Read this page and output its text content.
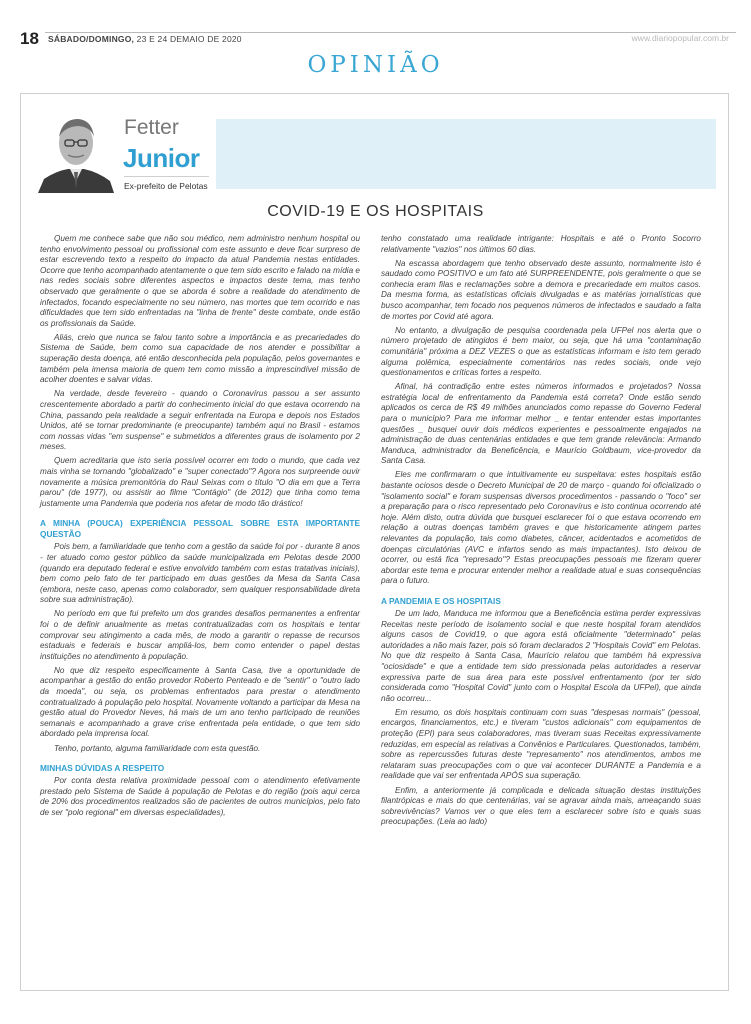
18	SÁBADO/DOMINGO, 23 E 24 DEMAIO DE 2020	www.diariopopular.com.br
OPINIÃO
Fetter
Junior
Ex-prefeito de Pelotas
COVID-19 E OS HOSPITAIS

Quem me conhece sabe que não sou médico, nem administro nenhum hospital ou tenho envolvimento pessoal ou profissional com este assunto e deve ficar surpreso de estar escrevendo texto a respeito do impacto da atual Pandemia nestas entidades. Ocorre que tenho acompanhado atentamente o que tem sido escrito e falado na mídia e nas redes sociais sobre diferentes aspectos e impactos deste tema, mas tenho observado que geralmente o que se aborda é sobre a realidade do atendimento de infectados, focando especialmente no seu número, nas mortes que tem ocorrido e nas dificuldades que tem sido enfrentadas na "linha de frente" deste combate, onde estão os profissionais da Saúde.

Aliás, creio que nunca se falou tanto sobre a importância e as precariedades do Sistema de Saúde, bem como sua capacidade de nos atender e possibilitar a superação desta doença, até então desconhecida pela população, pelos governantes e também pela imensa maioria de quem tem como missão a imprescindível missão de acolher doentes e salvar vidas.

Na verdade, desde fevereiro - quando o Coronavírus passou a ser assunto crescentemente abordado a partir do conhecimento inicial do que estava ocorrendo na China, passando pela realidade a seguir enfrentada na Europa e depois nos Estados Unidos, até se tornar predominante (e preocupante) também aqui no Brasil - estamos com nossas vidas "em suspense" e submetidos a diferentes graus de isolamento por 2 meses.

Quem acreditaria que isto seria possível ocorrer em todo o mundo, que cada vez mais vinha se tornando "globalizado" e "super conectado"? Agora nos surpreende ouvir novamente a música premonitória do Raul Seixas com o título "O dia em que a Terra parou" (de 1977), ou assistir ao filme "Contágio" (de 2012) que tinha como tema justamente uma Pandemia que poderia nos afetar de modo tão drástico!

A MINHA (POUCA) EXPERIÊNCIA PESSOAL SOBRE ESTA IMPORTANTE QUESTÃO

Pois bem, a familiaridade que tenho com a gestão da saúde foi por - durante 8 anos - ter atuado como gestor público da saúde municipalizada em Pelotas desde 2000 (quando era deputado federal e estive envolvido também com estas tratativas iniciais), bem como pelo fato de ter participado em duas gestões da Mesa da Santa Casa (embora, neste caso, apenas como colaborador, sem qualquer responsabilidade direta sobre sua administração).

No período em que fui prefeito um dos grandes desafios permanentes a enfrentar foi o de definir anualmente as metas contratualizadas com os hospitais e tentar comprovar seu atingimento a cada mês, de modo a garantir o repasse de recursos estaduais e federais e buscar ampliá-los, bem como entender o papel destas instituições no atendimento à população.

No que diz respeito especificamente à Santa Casa, tive a oportunidade de acompanhar a gestão do então provedor Roberto Penteado e de "sentir" o "outro lado da moeda", ou seja, os problemas enfrentados para prestar o atendimento contratualizado à população pelo hospital. Novamente voltando a participar da Mesa na gestão atual do Provedor Neves, há mais de um ano tenho participado de reuniões semanais e acompanhado a grave crise enfrentada pela entidade, o que tem sido abordado pela imprensa local.

Tenho, portanto, alguma familiaridade com esta questão.

MINHAS DÚVIDAS A RESPEITO

Por conta desta relativa proximidade pessoal com o atendimento efetivamente prestado pelo Sistema de Saúde à população de Pelotas e do região (pois aqui cerca de 20% dos procedimentos realizados são de pacientes de outros municípios, pelo fato de ser "polo regional" em diversas especialidades),

tenho constatado uma realidade intrigante: Hospitais e até o Pronto Socorro relativamente "vazios" nos últimos 60 dias.

Na escassa abordagem que tenho observado deste assunto, normalmente isto é saudado como POSITIVO e um fato até SURPREENDENTE, pois geralmente o que se conhecia eram filas e reclamações sobre a demora e precariedade em muitos casos. Da mesma forma, as estatísticas oficiais divulgadas e as matérias jornalísticas que busco acompanhar, tem focado nos pequenos números de infectados e saudado a falta de mortes por Covid até agora.

No entanto, a divulgação de pesquisa coordenada pela UFPel nos alerta que o número projetado de atingidos é bem maior, ou seja, que há uma "contaminação comunitária" próxima a DEZ VEZES o que as estatísticas informam e isto tem gerado alguma polêmica, especialmente comentários nas redes sociais, onde vejo questionamentos e críticas fortes a respeito.

Afinal, há contradição entre estes números informados e projetados? Nossa estratégia local de enfrentamento da Pandemia está correta? Onde estão sendo aplicados os cerca de R$ 49 milhões anunciados como repasse do Governo Federal para o município? Para me informar melhor _ e tentar entender estas importantes questões _ busquei ouvir dois médicos experientes e pessoalmente engajados na administração de duas centenárias entidades e que tem grande relevância: Armando Manduca, administrador da Beneficência, e Maurício Goldbaum, vice-provedor da Santa Casa.

Eles me confirmaram o que intuitivamente eu suspeitava: estes hospitais estão bastante ociosos desde o Decreto Municipal de 20 de março - quando foi oficializado o "isolamento social" e foram suspensas diversos procedimentos - passando o "foco" ser a preparação para o risco representado pelo Coronavírus e isto continua ocorrendo até hoje. Além disto, outra dúvida que busquei esclarecer foi o que estava ocorrendo em relação a outras doenças também graves e que historicamente atingem partes relevantes da população, tais como diabetes, câncer, acidentados e acometidos de doenças circulatórias (AVC e infartos sendo as mais impactantes). Isto deixou de ocorrer, ou está fica "represado"? Estas preocupações pessoais me fizeram querer abordar este tema e procurar entender melhor a realidade atual e suas consequências para o futuro.

A PANDEMIA E OS HOSPITAIS

De um lado, Manduca me informou que a Beneficência estima perder expressivas Receitas neste período de isolamento social e que neste hospital foram atendidos alguns casos de Covid19, o que agora está oficialmente "determinado" pelas autoridades a não mais fazer, pois só foram declarados 2 "Hospitais Covid" em Pelotas. No que diz respeito à Santa Casa, Maurício relatou que também há expressiva "ociosidade" e que a entidade tem sido pressionada pelas autoridades a reservar expressiva parte de sua área para este possível enfrentamento (por ter sido considerada como "Hospital Covid" junto com o Hospital Escola da UFPel), que ainda não ocorreu...

Em resumo, os dois hospitais continuam com suas "despesas normais" (pessoal, encargos, financiamentos, etc.) e tiveram "custos adicionais" com equipamentos de proteção (EPI) para seus colaboradores, mas tiveram suas Receitas expressivamente reduzidas, em especial as relativas a Convênios e Particulares. Questionados, também, sobre as repercussões futuras deste "represamento" nos atendimentos, ambos me relataram suas preocupações com o que vai acontecer DURANTE a Pandemia e a realidade que vai ser enfrentada APÓS sua superação.

Enfim, a anteriormente já complicada e delicada situação destas instituições filantrópicas e mais do que centenárias, vai se agravar ainda mais, ameaçando suas sobrevivências? Vamos ver o que eles tem a esclarecer sobre isto e quais suas preocupações. (Leia ao lado)
